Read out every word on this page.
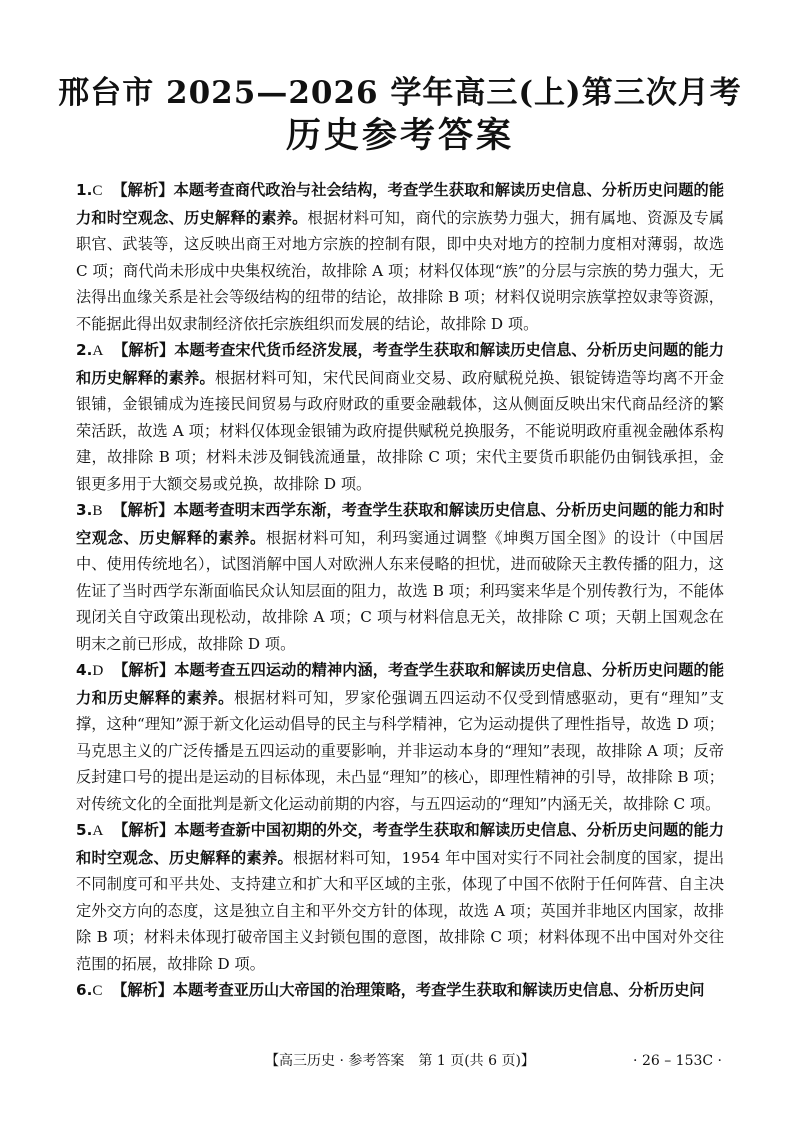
邢台市 2025—2026 学年高三(上)第三次月考
历史参考答案

1.C 【解析】本题考查商代政治与社会结构，考查学生获取和解读历史信息、分析历史问题的能力和时空观念、历史解释的素养。根据材料可知，商代的宗族势力强大，拥有属地、资源及专属职官、武装等，这反映出商王对地方宗族的控制有限，即中央对地方的控制力度相对薄弱，故选 C 项；商代尚未形成中央集权统治，故排除 A 项；材料仅体现“族”的分层与宗族的势力强大，无法得出血缘关系是社会等级结构的纽带的结论，故排除 B 项；材料仅说明宗族掌控奴隶等资源，不能据此得出奴隶制经济依托宗族组织而发展的结论，故排除 D 项。

2.A 【解析】本题考查宋代货币经济发展，考查学生获取和解读历史信息、分析历史问题的能力和历史解释的素养。根据材料可知，宋代民间商业交易、政府赋税兑换、银锭铸造等均离不开金银铺，金银铺成为连接民间贸易与政府财政的重要金融载体，这从侧面反映出宋代商品经济的繁荣活跃，故选 A 项；材料仅体现金银铺为政府提供赋税兑换服务，不能说明政府重视金融体系构建，故排除 B 项；材料未涉及铜钱流通量，故排除 C 项；宋代主要货币职能仍由铜钱承担，金银更多用于大额交易或兑换，故排除 D 项。

3.B 【解析】本题考查明末西学东渐，考查学生获取和解读历史信息、分析历史问题的能力和时空观念、历史解释的素养。根据材料可知，利玛窦通过调整《坤舆万国全图》的设计（中国居中、使用传统地名），试图消解中国人对欧洲人东来侵略的担忧，进而破除天主教传播的阻力，这佐证了当时西学东渐面临民众认知层面的阻力，故选 B 项；利玛窦来华是个别传教行为，不能体现闭关自守政策出现松动，故排除 A 项；C 项与材料信息无关，故排除 C 项；天朝上国观念在明末之前已形成，故排除 D 项。

4.D 【解析】本题考查五四运动的精神内涵，考查学生获取和解读历史信息、分析历史问题的能力和历史解释的素养。根据材料可知，罗家伦强调五四运动不仅受到情感驱动，更有“理知”支撑，这种“理知”源于新文化运动倡导的民主与科学精神，它为运动提供了理性指导，故选 D 项；马克思主义的广泛传播是五四运动的重要影响，并非运动本身的“理知”表现，故排除 A 项；反帝反封建口号的提出是运动的目标体现，未凸显“理知”的核心，即理性精神的引导，故排除 B 项；对传统文化的全面批判是新文化运动前期的内容，与五四运动的“理知”内涵无关，故排除 C 项。

5.A 【解析】本题考查新中国初期的外交，考查学生获取和解读历史信息、分析历史问题的能力和时空观念、历史解释的素养。根据材料可知，1954 年中国对实行不同社会制度的国家，提出不同制度可和平共处、支持建立和扩大和平区域的主张，体现了中国不依附于任何阵营、自主决定外交方向的态度，这是独立自主和平外交方针的体现，故选 A 项；英国并非地区内国家，故排除 B 项；材料未体现打破帝国主义封锁包围的意图，故排除 C 项；材料体现不出中国对外交往范围的拓展，故排除 D 项。

6.C 【解析】本题考查亚历山大帝国的治理策略，考查学生获取和解读历史信息、分析历史问

【高三历史 · 参考答案　第 1 页(共 6 页)】	· 26 – 153C ·
